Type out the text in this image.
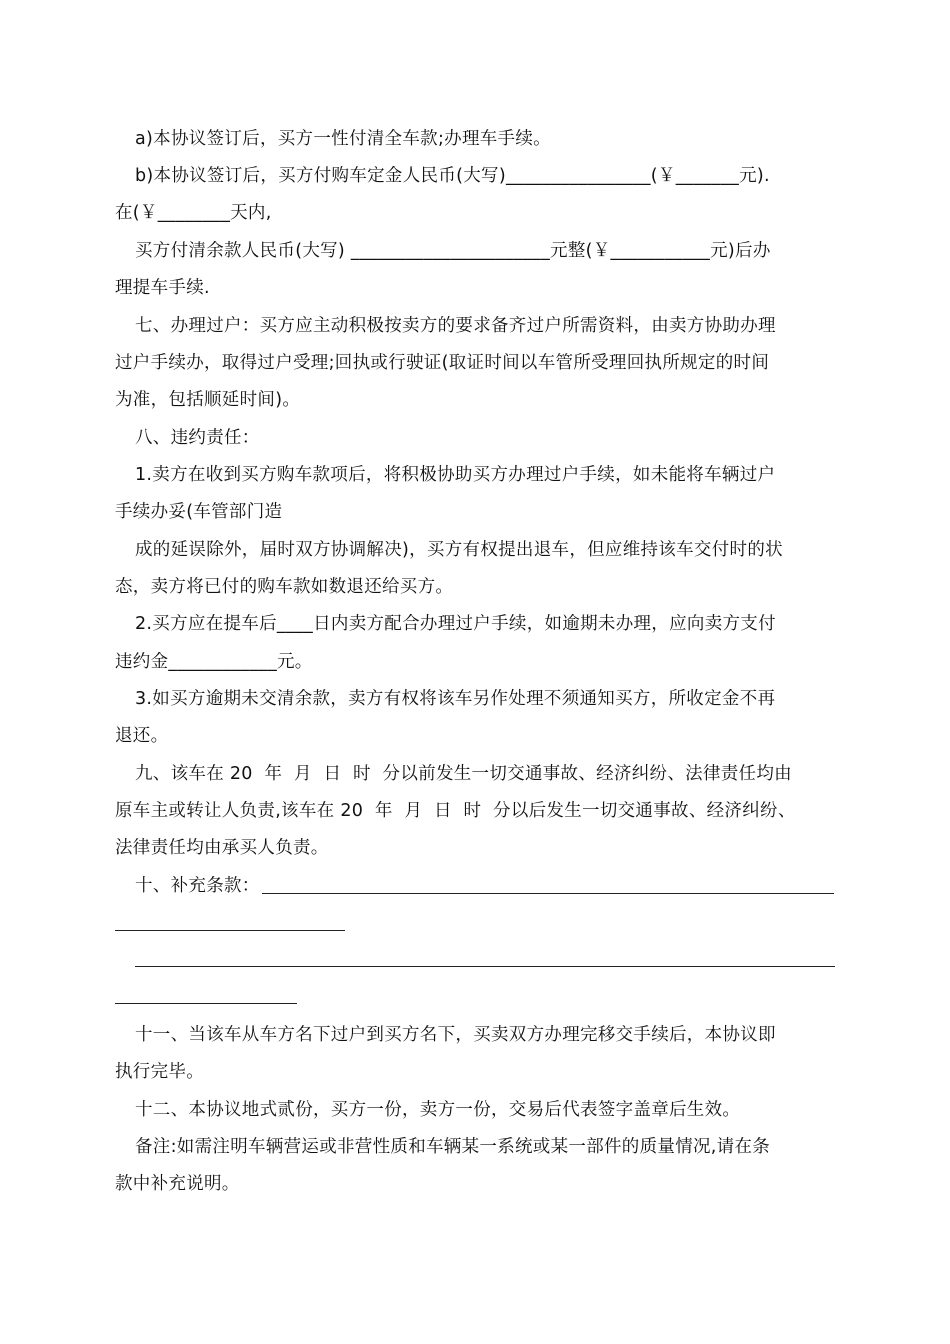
a)本协议签订后，买方一性付清全车款;办理车手续。
b)本协议签订后，买方付购车定金人民币(大写)________________(￥_______元).
在(￥________天内,
买方付清余款人民币(大写) ______________________元整(￥___________元)后办
理提车手续.
七、办理过户：买方应主动积极按卖方的要求备齐过户所需资料，由卖方协助办理
过户手续办，取得过户受理;回执或行驶证(取证时间以车管所受理回执所规定的时间
为准，包括顺延时间)。
八、违约责任：
1.卖方在收到买方购车款项后，将积极协助买方办理过户手续，如未能将车辆过户
手续办妥(车管部门造
成的延误除外，届时双方协调解决)，买方有权提出退车，但应维持该车交付时的状
态，卖方将已付的购车款如数退还给买方。
2.买方应在提车后____日内卖方配合办理过户手续，如逾期未办理，应向卖方支付
违约金____________元。
3.如买方逾期未交清余款，卖方有权将该车另作处理不须通知买方，所收定金不再
退还。
九、该车在 20  年  月  日  时  分以前发生一切交通事故、经济纠纷、法律责任均由
原车主或转让人负责,该车在 20  年  月  日  时  分以后发生一切交通事故、经济纠纷、
法律责任均由承买人负责。
十、补充条款：
十一、当该车从车方名下过户到买方名下，买卖双方办理完移交手续后，本协议即
执行完毕。
十二、本协议地式贰份，买方一份，卖方一份，交易后代表签字盖章后生效。
备注:如需注明车辆营运或非营性质和车辆某一系统或某一部件的质量情况,请在条
款中补充说明。
